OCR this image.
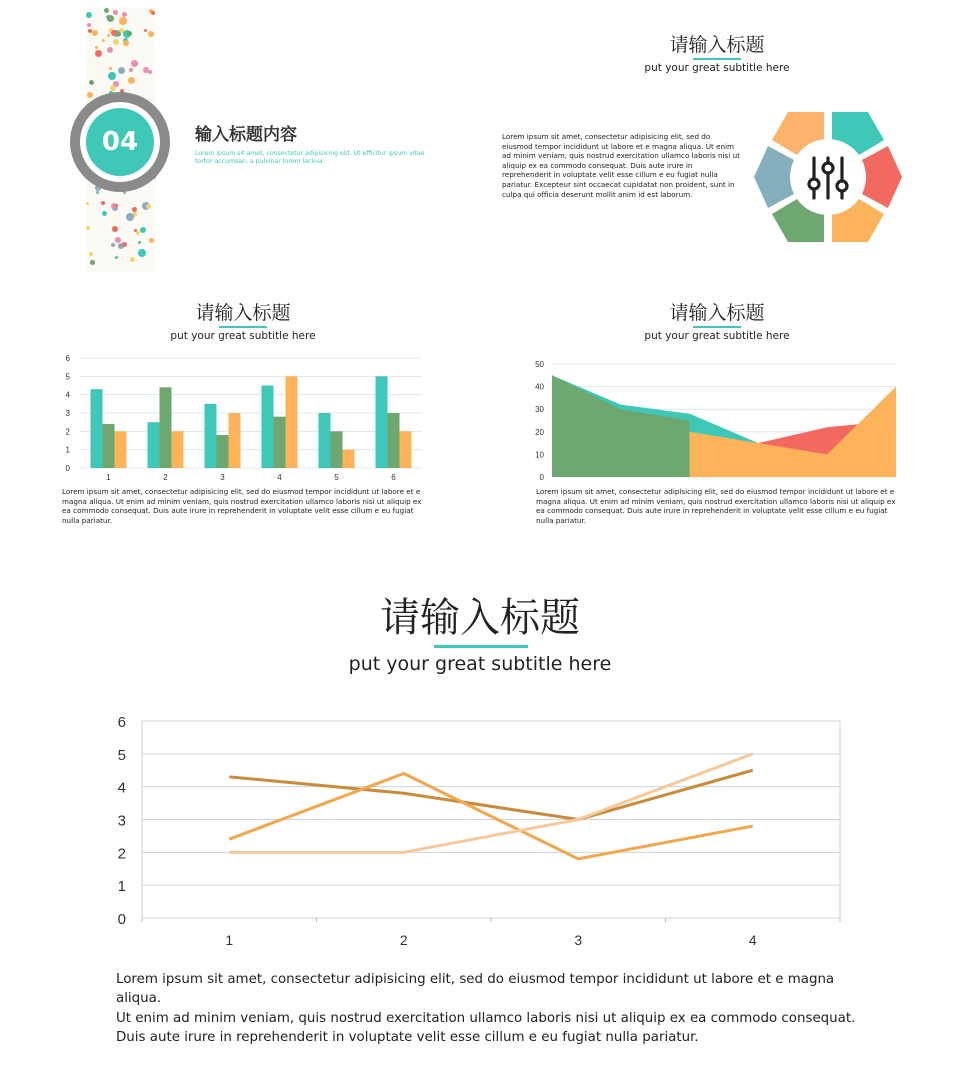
04	输入标题内容
Lorem ipsum sit amet, consectetur adipisicing elit. Ut efficitur ipsum vitae tortor accumsan, a pulvinar lorem lacinia.
请输入标题
put your great subtitle here
Lorem ipsum sit amet, consectetur adipisicing elit, sed do eiusmod tempor incididunt ut labore et e magna aliqua. Ut enim ad minim veniam, quis nostrud exercitation ullamco laboris nisi ut aliquip ex ea commodo consequat. Duis aute irure in reprehenderit in voluptate velit esse cillum e eu fugiat nulla pariatur. Excepteur sint occaecat cupidatat non proident, sunt in culpa qui officia deserunt mollit anim id est laborum.
请输入标题
put your great subtitle here
0
1
2
3
4
5
6
1	2	3	4	5	6
Lorem ipsum sit amet, consectetur adipisicing elit, sed do eiusmod tempor incididunt ut labore et e magna aliqua. Ut enim ad minim veniam, quis nostrud exercitation ullamco laboris nisi ut aliquip ex ea commodo consequat. Duis aute irure in reprehenderit in voluptate velit esse cillum e eu fugiat nulla pariatur.
请输入标题
put your great subtitle here
0
10
20
30
40
50
Lorem ipsum sit amet, consectetur adipisicing elit, sed do eiusmod tempor incididunt ut labore et e magna aliqua. Ut enim ad minim veniam, quis nostrud exercitation ullamco laboris nisi ut aliquip ex ea commodo consequat. Duis aute irure in reprehenderit in voluptate velit esse cillum e eu fugiat nulla pariatur.
请输入标题
put your great subtitle here
0
1
2
3
4
5
6
1	2	3	4
Lorem ipsum sit amet, consectetur adipisicing elit, sed do eiusmod tempor incididunt ut labore et e magna aliqua.
Ut enim ad minim veniam, quis nostrud exercitation ullamco laboris nisi ut aliquip ex ea commodo consequat.
Duis aute irure in reprehenderit in voluptate velit esse cillum e eu fugiat nulla pariatur.
